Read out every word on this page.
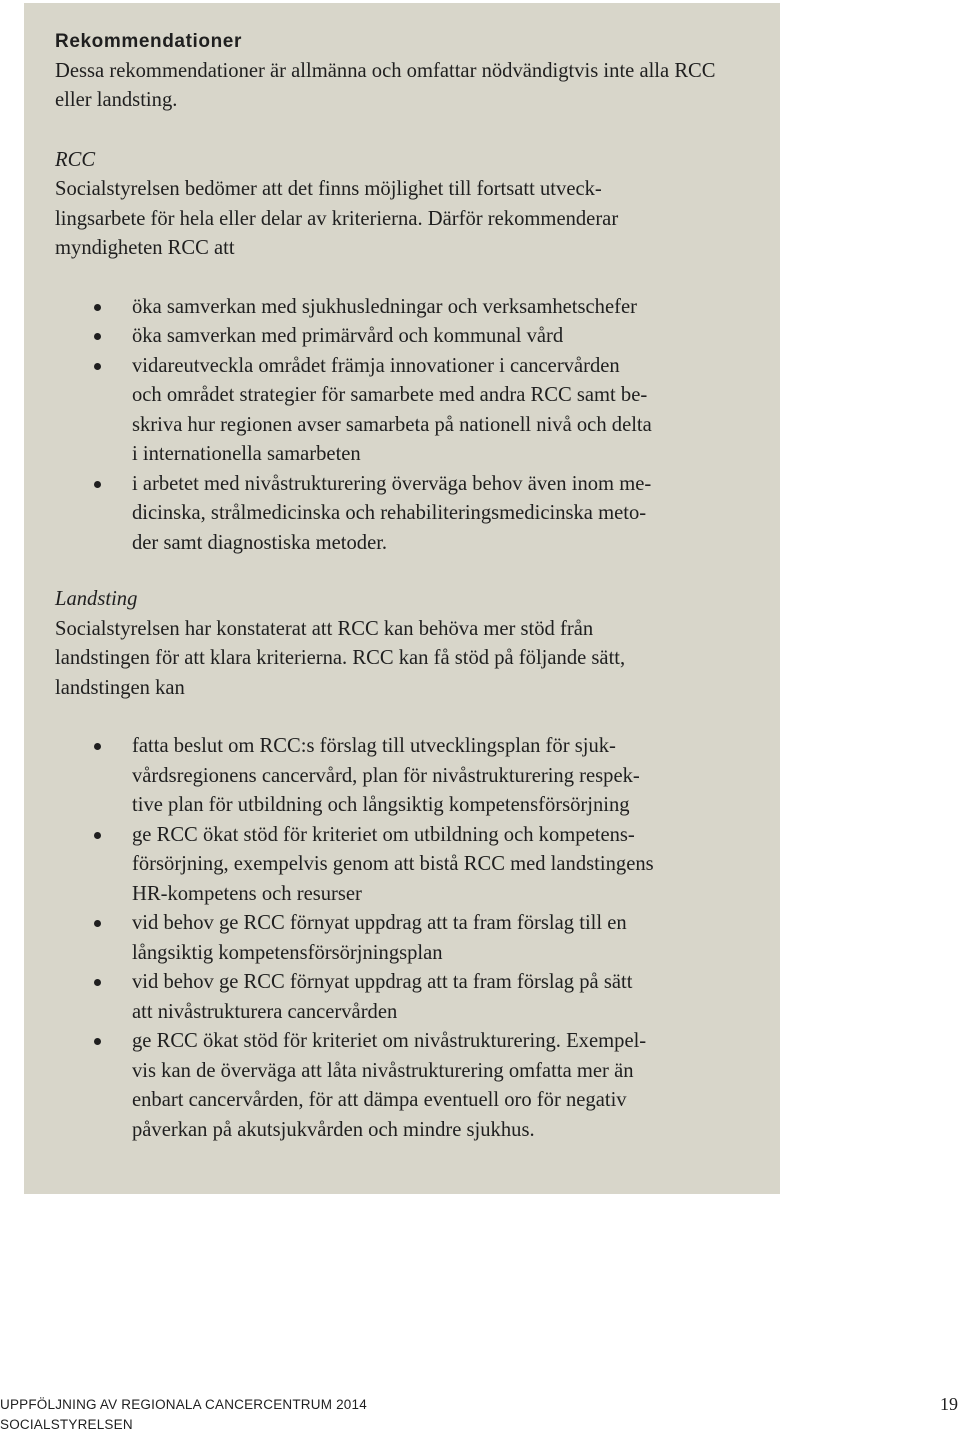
Rekommendationer
Dessa rekommendationer är allmänna och omfattar nödvändigtvis inte alla RCC eller landsting.
RCC
Socialstyrelsen bedömer att det finns möjlighet till fortsatt utveck-
lingsarbete för hela eller delar av kriterierna. Därför rekommenderar
myndigheten RCC att
öka samverkan med sjukhusledningar och verksamhetschefer
öka samverkan med primärvård och kommunal vård
vidareutveckla området främja innovationer i cancervården
och området strategier för samarbete med andra RCC samt be-
skriva hur regionen avser samarbeta på nationell nivå och delta
i internationella samarbeten
i arbetet med nivåstrukturering överväga behov även inom me-
dicinska, strålmedicinska och rehabiliteringsmedicinska meto-
der samt diagnostiska metoder.
Landsting
Socialstyrelsen har konstaterat att RCC kan behöva mer stöd från
landstingen för att klara kriterierna. RCC kan få stöd på följande sätt,
landstingen kan
fatta beslut om RCC:s förslag till utvecklingsplan för sjuk-
vårdsregionens cancervård, plan för nivåstrukturering respek-
tive plan för utbildning och långsiktig kompetensförsörjning
ge RCC ökat stöd för kriteriet om utbildning och kompetens-
försörjning, exempelvis genom att bistå RCC med landstingens
HR-kompetens och resurser
vid behov ge RCC förnyat uppdrag att ta fram förslag till en
långsiktig kompetensförsörjningsplan
vid behov ge RCC förnyat uppdrag att ta fram förslag på sätt
att nivåstrukturera cancervården
ge RCC ökat stöd för kriteriet om nivåstrukturering. Exempel-
vis kan de överväga att låta nivåstrukturering omfatta mer än
enbart cancervården, för att dämpa eventuell oro för negativ
påverkan på akutsjukvården och mindre sjukhus.
UPPFÖLJNING AV REGIONALA CANCERCENTRUM 2014
SOCIALSTYRELSEN
19
